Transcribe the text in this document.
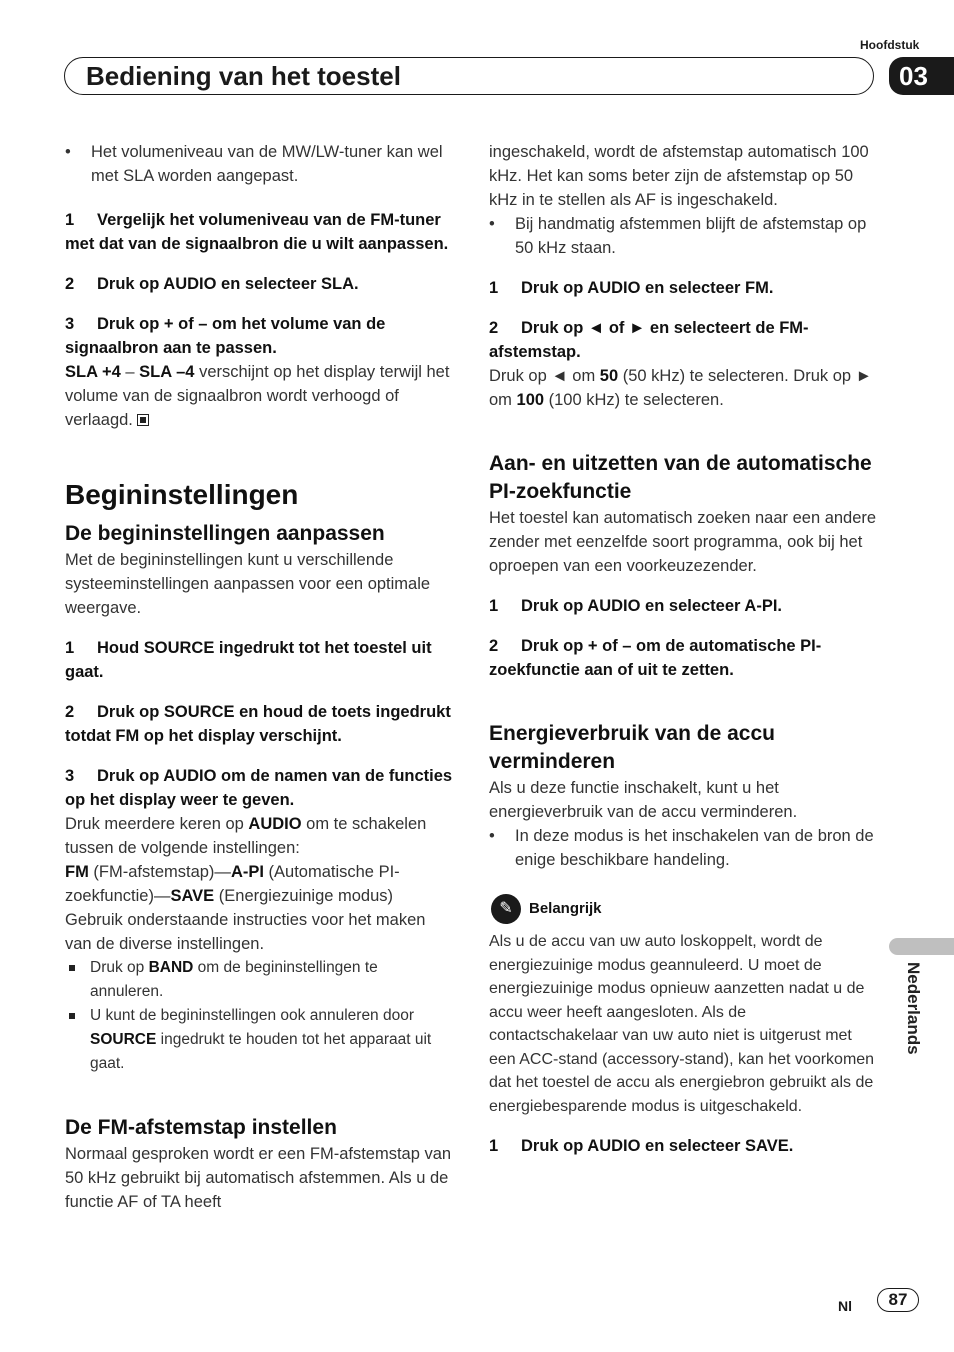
Hoofdstuk
Bediening van het toestel	03

• Het volumeniveau van de MW/LW-tuner kan wel met SLA worden aangepast.

1 Vergelijk het volumeniveau van de FM-tuner met dat van de signaalbron die u wilt aanpassen.

2 Druk op AUDIO en selecteer SLA.

3 Druk op + of – om het volume van de signaalbron aan te passen.

SLA +4 – SLA –4 verschijnt op het display terwijl het volume van de signaalbron wordt verhoogd of verlaagd.

Begininstellingen
De begininstellingen aanpassen

Met de begininstellingen kunt u verschillende systeeminstellingen aanpassen voor een optimale weergave.

1 Houd SOURCE ingedrukt tot het toestel uit gaat.

2 Druk op SOURCE en houd de toets ingedrukt totdat FM op het display verschijnt.

3 Druk op AUDIO om de namen van de functies op het display weer te geven.

Druk meerdere keren op AUDIO om te schakelen tussen de volgende instellingen:

FM (FM-afstemstap)—A-PI (Automatische PI-zoekfunctie)—SAVE (Energiezuinige modus)

Gebruik onderstaande instructies voor het maken van de diverse instellingen.

Druk op BAND om de begininstellingen te annuleren.

U kunt de begininstellingen ook annuleren door SOURCE ingedrukt te houden tot het apparaat uit gaat.

De FM-afstemstap instellen

Normaal gesproken wordt er een FM-afstemstap van 50 kHz gebruikt bij automatisch afstemmen. Als u de functie AF of TA heeft

ingeschakeld, wordt de afstemstap automatisch 100 kHz. Het kan soms beter zijn de afstemstap op 50 kHz in te stellen als AF is ingeschakeld.

• Bij handmatig afstemmen blijft de afstemstap op 50 kHz staan.

1 Druk op AUDIO en selecteer FM.

2 Druk op ◄ of ► en selecteert de FM-afstemstap.

Druk op ◄ om 50 (50 kHz) te selecteren. Druk op ► om 100 (100 kHz) te selecteren.

Aan- en uitzetten van de automatische PI-zoekfunctie

Het toestel kan automatisch zoeken naar een andere zender met eenzelfde soort programma, ook bij het oproepen van een voorkeuzezender.

1 Druk op AUDIO en selecteer A-PI.

2 Druk op + of – om de automatische PI-zoekfunctie aan of uit te zetten.

Energieverbruik van de accu verminderen

Als u deze functie inschakelt, kunt u het energieverbruik van de accu verminderen.

• In deze modus is het inschakelen van de bron de enige beschikbare handeling.

✎	Belangrijk

Als u de accu van uw auto loskoppelt, wordt de energiezuinige modus geannuleerd. U moet de energiezuinige modus opnieuw aanzetten nadat u de accu weer heeft aangesloten. Als de contactschakelaar van uw auto niet is uitgerust met een ACC-stand (accessory-stand), kan het voorkomen dat het toestel de accu als energiebron gebruikt als de energiebesparende modus is uitgeschakeld.

1 Druk op AUDIO en selecteer SAVE.

Nederlands
Nl	87
